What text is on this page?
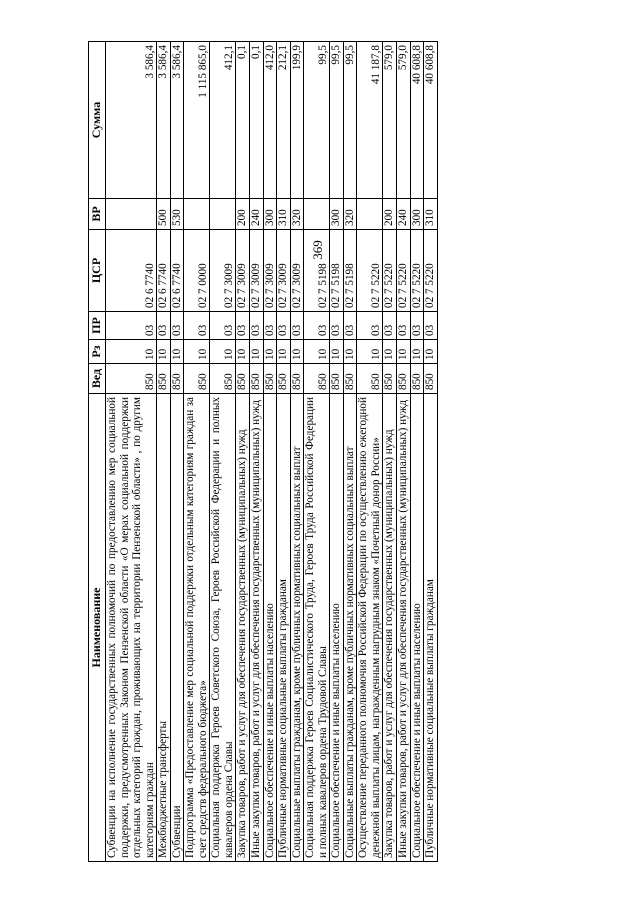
369
Наименование	Вед	Рз	ПР	ЦСР	ВР	Сумма
Субвенции на исполнение государственных полномочий по предоставлению мер социальной поддержки, предусмотренных Законом Пензенской области «О мерах социальной поддержки отдельных категорий граждан, проживающих на территории Пензенской области» , по другим категориям граждан	850	10	03	02 6 7740		3 586,4
Межбюджетные трансферты	850	10	03	02 6 7740	500	3 586,4
Субвенции	850	10	03	02 6 7740	530	3 586,4
Подпрограмма «Предоставление мер социальной поддержки отдельным категориям граждан за счет средств федерального бюджета»	850	10	03	02 7 0000		1 115 865,0
Социальная поддержка Героев Советского Союза, Героев Российской Федерации и полных кавалеров ордена Славы	850	10	03	02 7 3009		412,1
Закупка товаров, работ и услуг для обеспечения государственных (муниципальных) нужд	850	10	03	02 7 3009	200	0,1
Иные закупки товаров, работ и услуг для обеспечения государственных (муниципальных) нужд	850	10	03	02 7 3009	240	0,1
Социальное обеспечение и иные выплаты населению	850	10	03	02 7 3009	300	412,0
Публичные нормативные социальные выплаты гражданам	850	10	03	02 7 3009	310	212,1
Социальные выплаты гражданам, кроме публичных нормативных социальных выплат	850	10	03	02 7 3009	320	199,9
Социальная поддержка Героев Социалистического Труда, Героев Труда Российской Федерации и полных кавалеров ордена Трудовой Славы	850	10	03	02 7 5198		99,5
Социальное обеспечение и иные выплаты населению	850	10	03	02 7 5198	300	99,5
Социальные выплаты гражданам, кроме публичных нормативных социальных выплат	850	10	03	02 7 5198	320	99,5
Осуществление переданного полномочия Российской Федерации по осуществлению ежегодной денежной выплаты лицам, награжденным нагрудным знаком «Почетный донор России»	850	10	03	02 7 5220		41 187,8
Закупка товаров, работ и услуг для обеспечения государственных (муниципальных) нужд	850	10	03	02 7 5220	200	579,0
Иные закупки товаров, работ и услуг для обеспечения государственных (муниципальных) нужд	850	10	03	02 7 5220	240	579,0
Социальное обеспечение и иные выплаты населению	850	10	03	02 7 5220	300	40 608,8
Публичные нормативные социальные выплаты гражданам	850	10	03	02 7 5220	310	40 608,8
